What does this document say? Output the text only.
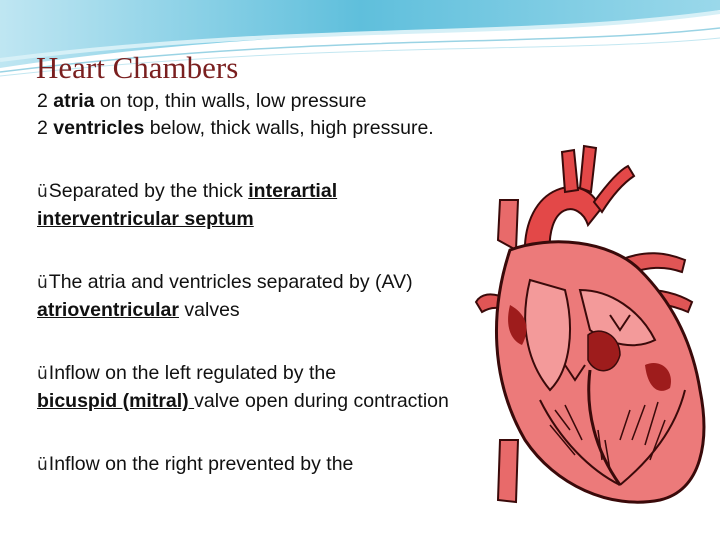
Heart Chambers

2 atria on top, thin walls, low pressure

2 ventricles below, thick walls, high pressure.

üSeparated by the thick interartial
interventricular septum

üThe atria and ventricles separated by (AV)
atrioventricular valves

üInflow on the left regulated by the
bicuspid (mitral) valve open during contraction

üInflow on the right prevented by the
